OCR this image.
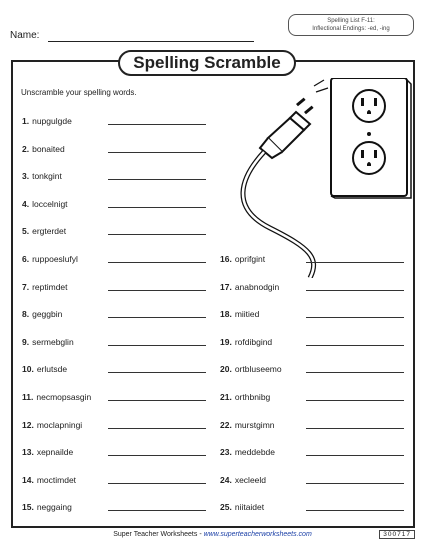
Name:
Spelling List F-11:
Inflectional Endings: -ed, -ing
Spelling Scramble
Unscramble your spelling words.
1. nupgulgde
2. bonaited
3. tonkgint
4. loccelnigt
5. ergterdet
6. ruppoeslufyl
7. reptimdet
8. geggbin
9. sermebglin
10. erlutsde
11. necmopsasgin
12. moclapningi
13. xepnailde
14. moctimdet
15. neggaing
16. oprifgint
17. anabnodgin
18. miitied
19. rofdibgind
20. ortbluseemo
21. orthbnibg
22. murstgimn
23. meddebde
24. xecleeld
25. niitaidet
Super Teacher Worksheets - www.superteacherworksheets.com	300717
